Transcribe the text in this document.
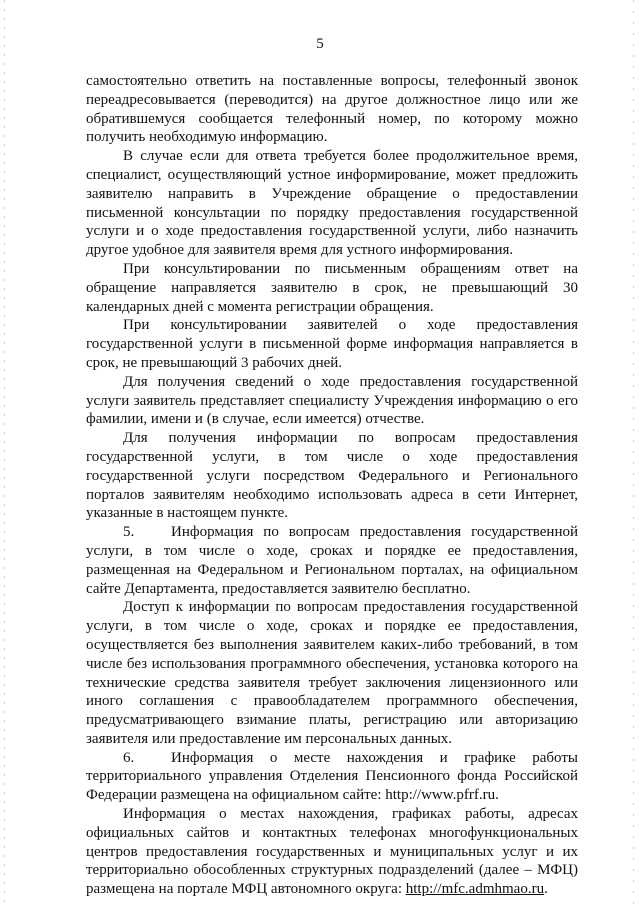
5

самостоятельно ответить на поставленные вопросы, телефонный звонок переадресовывается (переводится) на другое должностное лицо или же обратившемуся сообщается телефонный номер, по которому можно получить необходимую информацию.

В случае если для ответа требуется более продолжительное время, специалист, осуществляющий устное информирование, может предложить заявителю направить в Учреждение обращение о предоставлении письменной консультации по порядку предоставления государственной услуги и о ходе предоставления государственной услуги, либо назначить другое удобное для заявителя время для устного информирования.

При консультировании по письменным обращениям ответ на обращение направляется заявителю в срок, не превышающий 30 календарных дней с момента регистрации обращения.

При консультировании заявителей о ходе предоставления государственной услуги в письменной форме информация направляется в срок, не превышающий 3 рабочих дней.

Для получения сведений о ходе предоставления государственной услуги заявитель представляет специалисту Учреждения информацию о его фамилии, имени и (в случае, если имеется) отчестве.

Для получения информации по вопросам предоставления государственной услуги, в том числе о ходе предоставления государственной услуги посредством Федерального и Регионального порталов заявителям необходимо использовать адреса в сети Интернет, указанные в настоящем пункте.

5. Информация по вопросам предоставления государственной услуги, в том числе о ходе, сроках и порядке ее предоставления, размещенная на Федеральном и Региональном порталах, на официальном сайте Департамента, предоставляется заявителю бесплатно.

Доступ к информации по вопросам предоставления государственной услуги, в том числе о ходе, сроках и порядке ее предоставления, осуществляется без выполнения заявителем каких-либо требований, в том числе без использования программного обеспечения, установка которого на технические средства заявителя требует заключения лицензионного или иного соглашения с правообладателем программного обеспечения, предусматривающего взимание платы, регистрацию или авторизацию заявителя или предоставление им персональных данных.

6. Информация о месте нахождения и графике работы территориального управления Отделения Пенсионного фонда Российской Федерации размещена на официальном сайте: http://www.pfrf.ru.

Информация о местах нахождения, графиках работы, адресах официальных сайтов и контактных телефонах многофункциональных центров предоставления государственных и муниципальных услуг и их территориально обособленных структурных подразделений (далее – МФЦ) размещена на портале МФЦ автономного округа: http://mfc.admhmao.ru.
